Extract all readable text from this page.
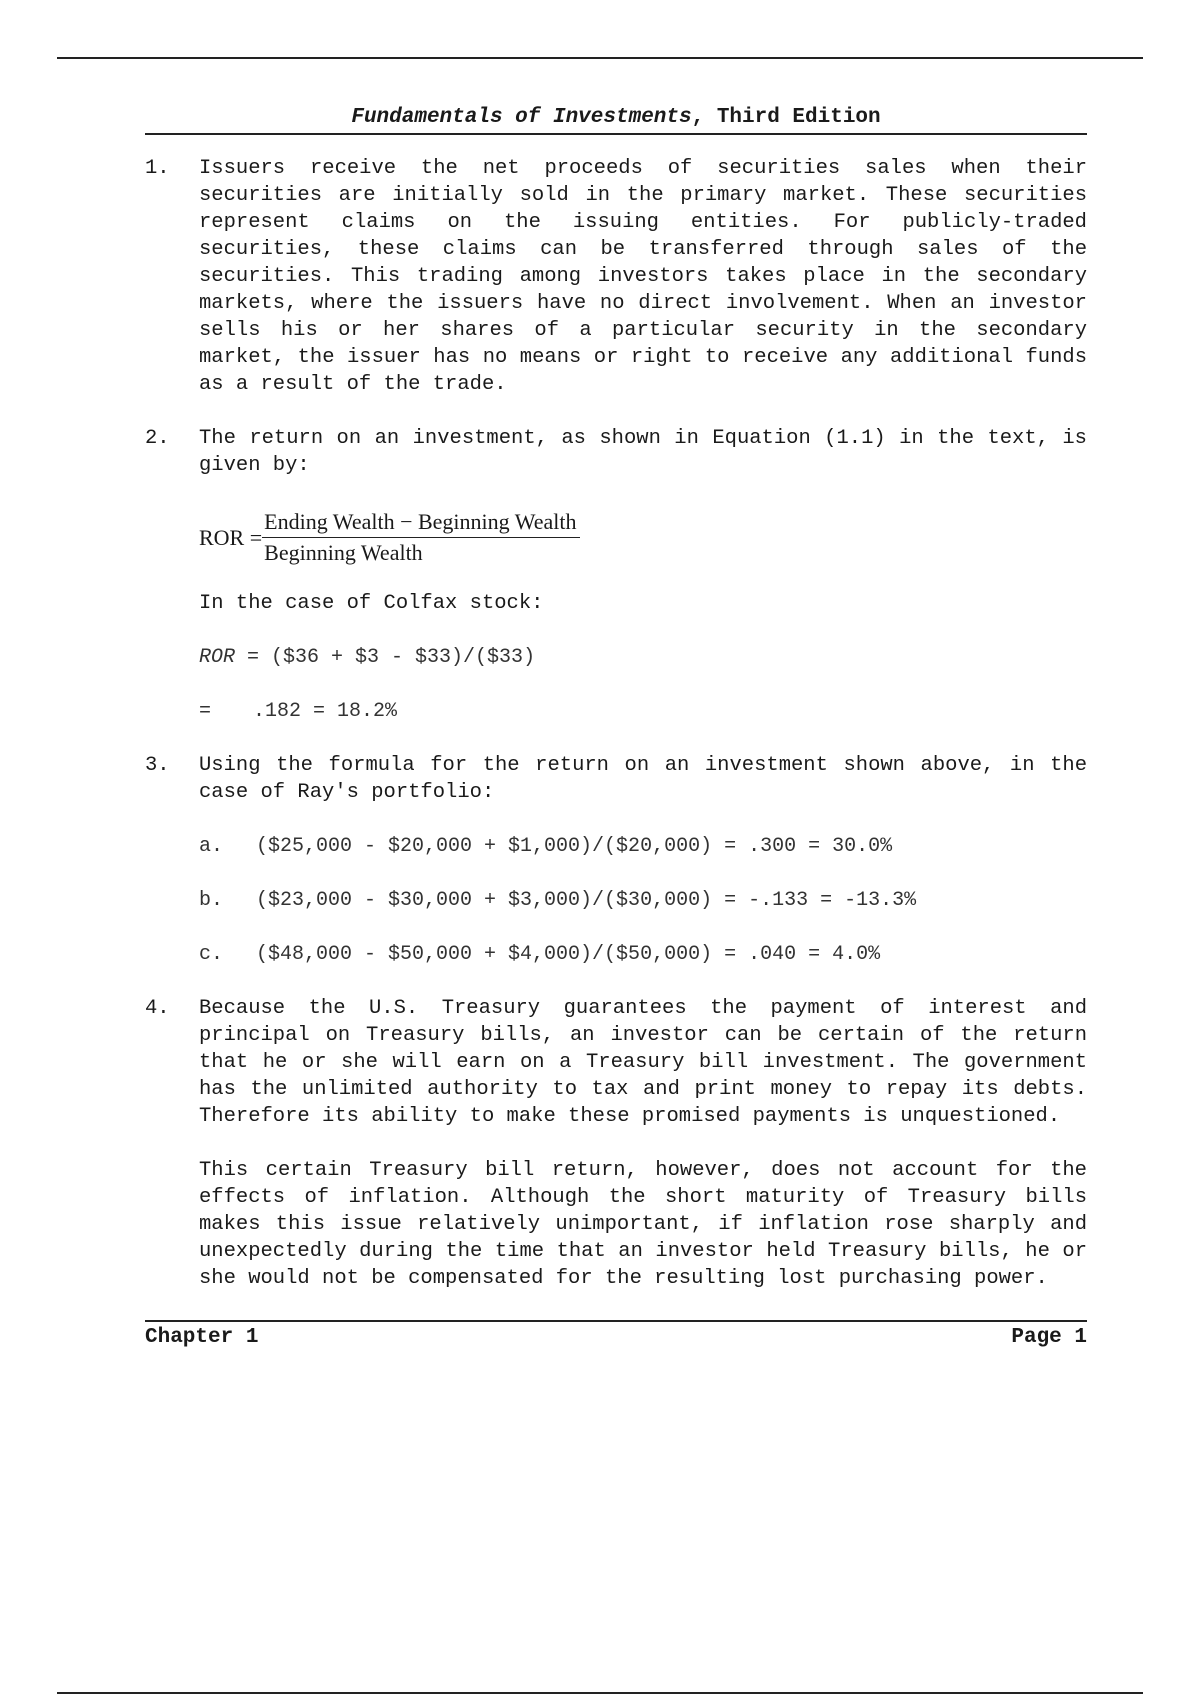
Fundamentals of Investments, Third Edition
1.	Issuers receive the net proceeds of securities sales when their securities are initially sold in the primary market. These securities represent claims on the issuing entities. For publicly-traded securities, these claims can be transferred through sales of the securities. This trading among investors takes place in the secondary markets, where the issuers have no direct involvement. When an investor sells his or her shares of a particular security in the secondary market, the issuer has no means or right to receive any additional funds as a result of the trade.

2.	The return on an investment, as shown in Equation (1.1) in the text, is given by:

ROR = $\frac{\text{Ending Wealth − Beginning Wealth}}{\text{Beginning Wealth}}$

In the case of Colfax stock:

ROR = ($36 + $3 - $33)/($33)
= .182 = 18.2%
3.	Using the formula for the return on an investment shown above, in the case of Ray's portfolio:

a.	($25,000 - $20,000 + $1,000)/($20,000) = .300 = 30.0%
b.	($23,000 - $30,000 + $3,000)/($30,000) = -.133 = -13.3%
c.	($48,000 - $50,000 + $4,000)/($50,000) = .040 = 4.0%
4.	Because the U.S. Treasury guarantees the payment of interest and principal on Treasury bills, an investor can be certain of the return that he or she will earn on a Treasury bill investment. The government has the unlimited authority to tax and print money to repay its debts. Therefore its ability to make these promised payments is unquestioned.

This certain Treasury bill return, however, does not account for the effects of inflation. Although the short maturity of Treasury bills makes this issue relatively unimportant, if inflation rose sharply and unexpectedly during the time that an investor held Treasury bills, he or she would not be compensated for the resulting lost purchasing power.

Chapter 1	Page 1
